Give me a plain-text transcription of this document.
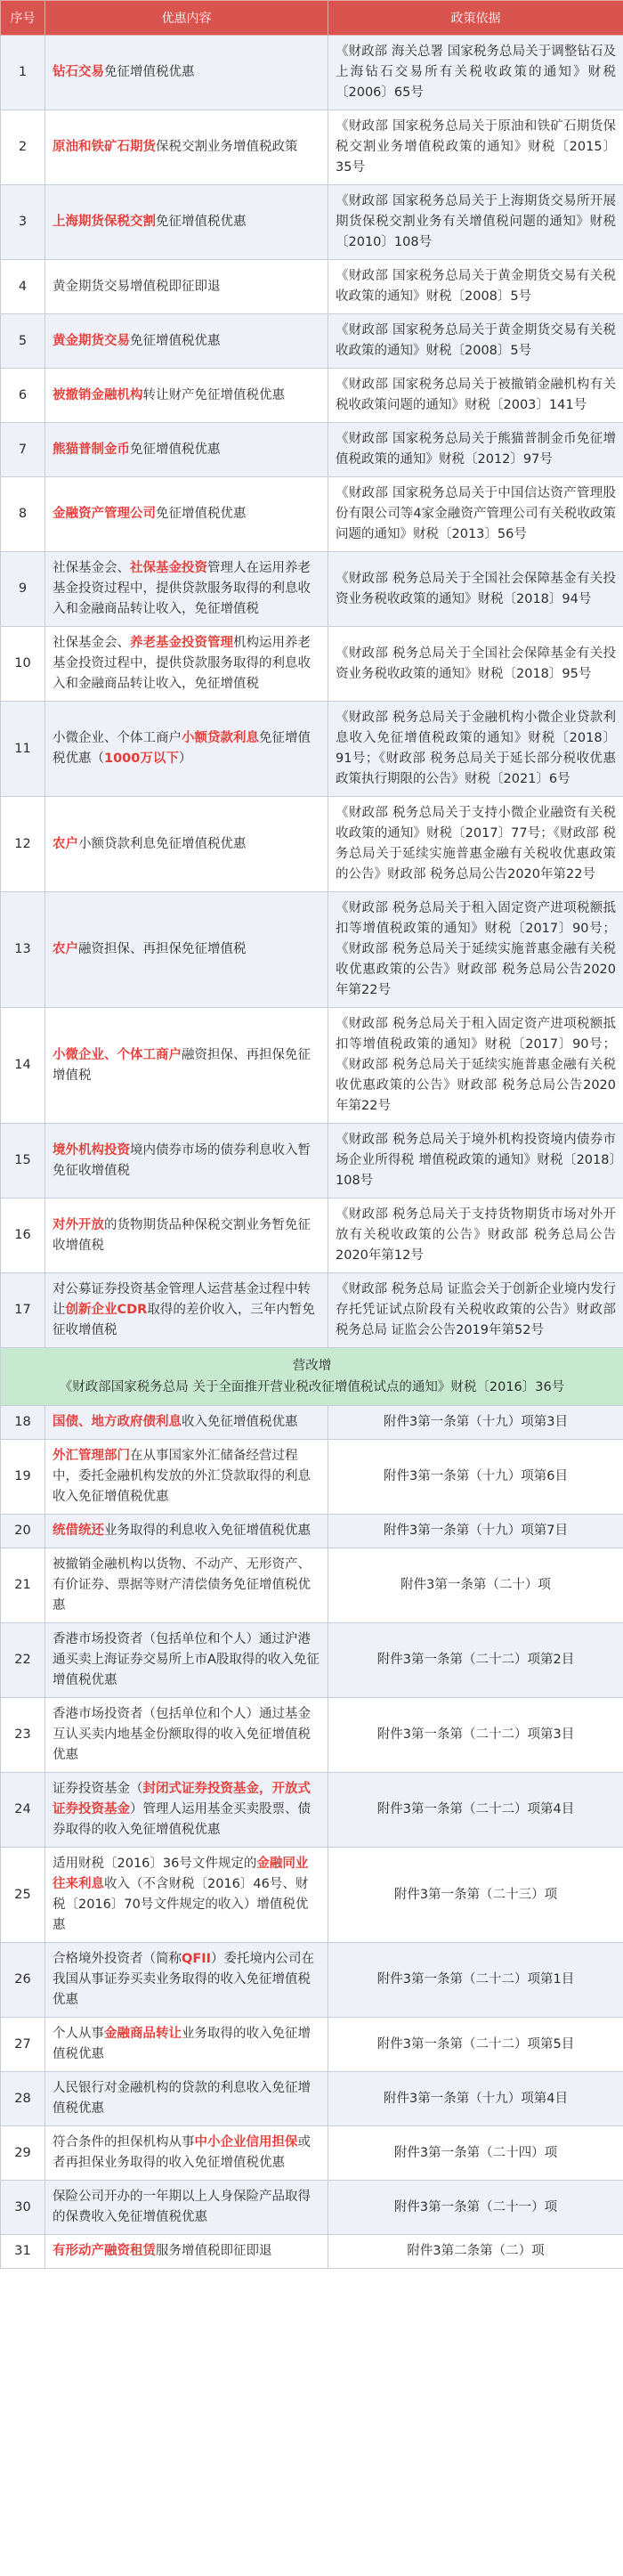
序号	优惠内容	政策依据
1	钻石交易免征增值税优惠	《财政部 海关总署 国家税务总局关于调整钻石及上海钻石交易所有关税收政策的通知》财税〔2006〕65号
2	原油和铁矿石期货保税交割业务增值税政策	《财政部 国家税务总局关于原油和铁矿石期货保税交割业务增值税政策的通知》财税〔2015〕35号
3	上海期货保税交割免征增值税优惠	《财政部 国家税务总局关于上海期货交易所开展期货保税交割业务有关增值税问题的通知》财税〔2010〕108号
4	黄金期货交易增值税即征即退	《财政部 国家税务总局关于黄金期货交易有关税收政策的通知》财税〔2008〕5号
5	黄金期货交易免征增值税优惠	《财政部 国家税务总局关于黄金期货交易有关税收政策的通知》财税〔2008〕5号
6	被撤销金融机构转让财产免征增值税优惠	《财政部 国家税务总局关于被撤销金融机构有关税收政策问题的通知》财税〔2003〕141号
7	熊猫普制金币免征增值税优惠	《财政部 国家税务总局关于熊猫普制金币免征增值税政策的通知》财税〔2012〕97号
8	金融资产管理公司免征增值税优惠	《财政部 国家税务总局关于中国信达资产管理股份有限公司等4家金融资产管理公司有关税收政策问题的通知》财税〔2013〕56号
9	社保基金会、社保基金投资管理人在运用养老基金投资过程中，提供贷款服务取得的利息收入和金融商品转让收入，免征增值税	《财政部 税务总局关于全国社会保障基金有关投资业务税收政策的通知》财税〔2018〕94号
10	社保基金会、养老基金投资管理机构运用养老基金投资过程中，提供贷款服务取得的利息收入和金融商品转让收入，免征增值税	《财政部 税务总局关于全国社会保障基金有关投资业务税收政策的通知》财税〔2018〕95号
11	小微企业、个体工商户小额贷款利息免征增值税优惠（1000万以下）	《财政部 税务总局关于金融机构小微企业贷款利息收入免征增值税政策的通知》财税〔2018〕91号；《财政部 税务总局关于延长部分税收优惠政策执行期限的公告》财税〔2021〕6号
12	农户小额贷款利息免征增值税优惠	《财政部 税务总局关于支持小微企业融资有关税收政策的通知》财税〔2017〕77号；《财政部 税务总局关于延续实施普惠金融有关税收优惠政策的公告》财政部 税务总局公告2020年第22号
13	农户融资担保、再担保免征增值税	《财政部 税务总局关于租入固定资产进项税额抵扣等增值税政策的通知》财税〔2017〕90号；《财政部 税务总局关于延续实施普惠金融有关税收优惠政策的公告》财政部 税务总局公告2020年第22号
14	小微企业、个体工商户融资担保、再担保免征增值税	《财政部 税务总局关于租入固定资产进项税额抵扣等增值税政策的通知》财税〔2017〕90号；《财政部 税务总局关于延续实施普惠金融有关税收优惠政策的公告》财政部 税务总局公告2020年第22号
15	境外机构投资境内债券市场的债券利息收入暂免征收增值税	《财政部 税务总局关于境外机构投资境内债券市场企业所得税 增值税政策的通知》财税〔2018〕108号
16	对外开放的货物期货品种保税交割业务暂免征收增值税	《财政部 税务总局关于支持货物期货市场对外开放有关税收政策的公告》财政部 税务总局公告2020年第12号
17	对公募证券投资基金管理人运营基金过程中转让创新企业CDR取得的差价收入，三年内暂免征收增值税	《财政部 税务总局 证监会关于创新企业境内发行存托凭证试点阶段有关税收政策的公告》财政部 税务总局 证监会公告2019年第52号

营改增
《财政部国家税务总局 关于全面推开营业税改征增值税试点的通知》财税〔2016〕36号		

18	国债、地方政府债利息收入免征增值税优惠	附件3第一条第（十九）项第3目
19	外汇管理部门在从事国家外汇储备经营过程中，委托金融机构发放的外汇贷款取得的利息收入免征增值税优惠	附件3第一条第（十九）项第6目
20	统借统还业务取得的利息收入免征增值税优惠	附件3第一条第（十九）项第7目
21	被撤销金融机构以货物、不动产、无形资产、有价证券、票据等财产清偿债务免征增值税优惠	附件3第一条第（二十）项
22	香港市场投资者（包括单位和个人）通过沪港通买卖上海证券交易所上市A股取得的收入免征增值税优惠	附件3第一条第（二十二）项第2目
23	香港市场投资者（包括单位和个人）通过基金互认买卖内地基金份额取得的收入免征增值税优惠	附件3第一条第（二十二）项第3目
24	证券投资基金（封闭式证券投资基金，开放式证券投资基金）管理人运用基金买卖股票、债券取得的收入免征增值税优惠	附件3第一条第（二十二）项第4目
25	适用财税〔2016〕36号文件规定的金融同业往来利息收入（不含财税〔2016〕46号、财税〔2016〕70号文件规定的收入）增值税优惠	附件3第一条第（二十三）项
26	合格境外投资者（简称QFII）委托境内公司在我国从事证券买卖业务取得的收入免征增值税优惠	附件3第一条第（二十二）项第1目
27	个人从事金融商品转让业务取得的收入免征增值税优惠	附件3第一条第（二十二）项第5目
28	人民银行对金融机构的贷款的利息收入免征增值税优惠	附件3第一条第（十九）项第4目
29	符合条件的担保机构从事中小企业信用担保或者再担保业务取得的收入免征增值税优惠	附件3第一条第（二十四）项
30	保险公司开办的一年期以上人身保险产品取得的保费收入免征增值税优惠	附件3第一条第（二十一）项
31	有形动产融资租赁服务增值税即征即退	附件3第二条第（二）项
